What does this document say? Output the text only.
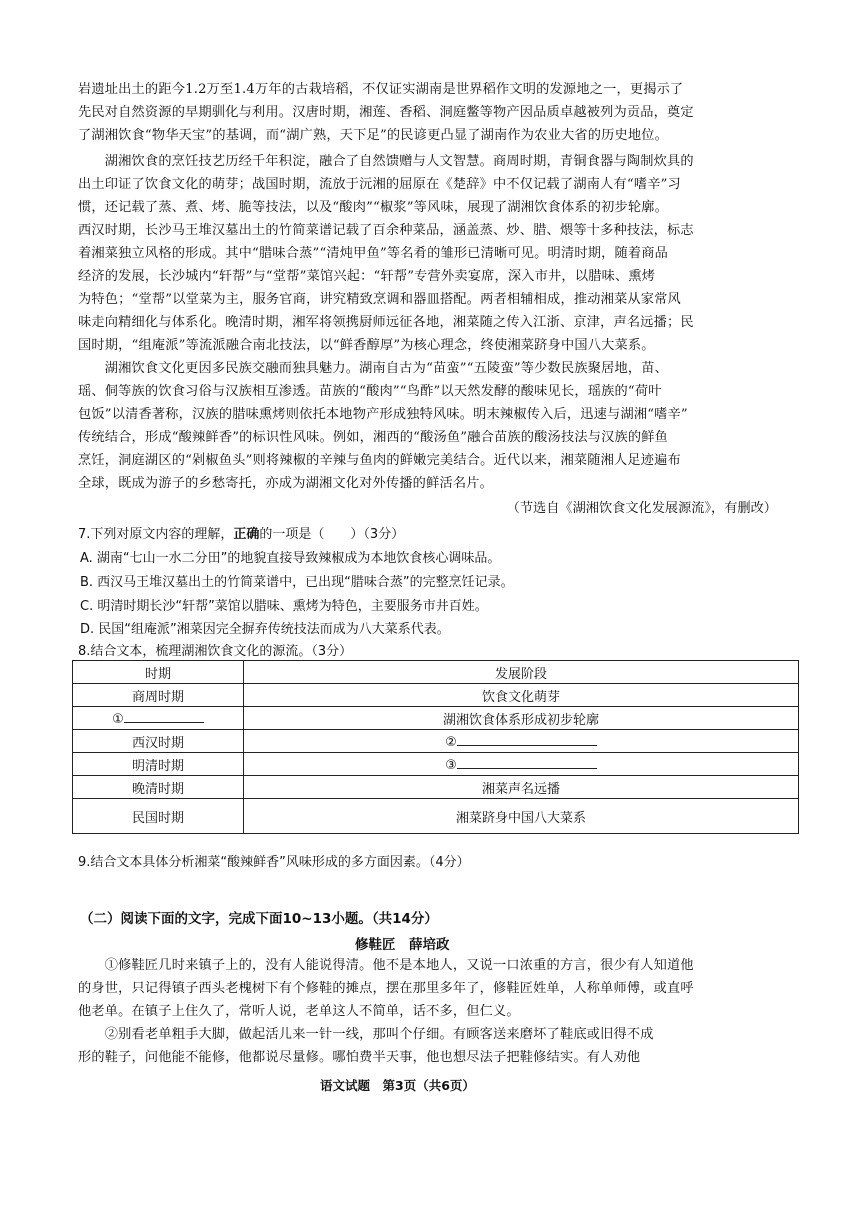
岩遗址出土的距今1.2万至1.4万年的古栽培稻，不仅证实湖南是世界稻作文明的发源地之一，更揭示了
先民对自然资源的早期驯化与利用。汉唐时期，湘莲、香稻、洞庭鳖等物产因品质卓越被列为贡品，奠定
了湖湘饮食“物华天宝”的基调，而“湖广熟，天下足”的民谚更凸显了湖南作为农业大省的历史地位。
　　湖湘饮食的烹饪技艺历经千年积淀，融合了自然馈赠与人文智慧。商周时期，青铜食器与陶制炊具的
出土印证了饮食文化的萌芽；战国时期，流放于沅湘的屈原在《楚辞》中不仅记载了湖南人有“嗜辛”习
惯，还记载了蒸、煮、烤、脆等技法，以及“酸肉”“椒浆”等风味，展现了湖湘饮食体系的初步轮廓。
西汉时期，长沙马王堆汉墓出土的竹简菜谱记载了百余种菜品，涵盖蒸、炒、腊、煨等十多种技法，标志
着湘菜独立风格的形成。其中“腊味合蒸”“清炖甲鱼”等名肴的雏形已清晰可见。明清时期，随着商品
经济的发展，长沙城内“轩帮”与“堂帮”菜馆兴起：“轩帮”专营外卖宴席，深入市井，以腊味、熏烤
为特色；“堂帮”以堂菜为主，服务官商，讲究精致烹调和器皿搭配。两者相辅相成，推动湘菜从家常风
味走向精细化与体系化。晚清时期，湘军将领携厨师远征各地，湘菜随之传入江浙、京津，声名远播；民
国时期，“组庵派”等流派融合南北技法，以“鲜香醇厚”为核心理念，终使湘菜跻身中国八大菜系。
　　湖湘饮食文化更因多民族交融而独具魅力。湖南自古为“苗蛮”“五陵蛮”等少数民族聚居地，苗、
瑶、侗等族的饮食习俗与汉族相互渗透。苗族的“酸肉”“鸟酢”以天然发酵的酸味见长，瑶族的“荷叶
包饭”以清香著称，汉族的腊味熏烤则依托本地物产形成独特风味。明末辣椒传入后，迅速与湖湘“嗜辛”
传统结合，形成“酸辣鲜香”的标识性风味。例如，湘西的“酸汤鱼”融合苗族的酸汤技法与汉族的鲜鱼
烹饪，洞庭湖区的“剁椒鱼头”则将辣椒的辛辣与鱼肉的鲜嫩完美结合。近代以来，湘菜随湘人足迹遍布
全球，既成为游子的乡愁寄托，亦成为湖湘文化对外传播的鲜活名片。
（节选自《湖湘饮食文化发展源流》，有删改）
7.下列对原文内容的理解，正确的一项是（　　）（3分）
A. 湖南“七山一水二分田”的地貌直接导致辣椒成为本地饮食核心调味品。
B. 西汉马王堆汉墓出土的竹简菜谱中，已出现“腊味合蒸”的完整烹饪记录。
C. 明清时期长沙“轩帮”菜馆以腊味、熏烤为特色，主要服务市井百姓。
D. 民国“组庵派”湘菜因完全摒弃传统技法而成为八大菜系代表。
8.结合文本，梳理湖湘饮食文化的源流。（3分）
时期	发展阶段
商周时期	饮食文化萌芽
①	湖湘饮食体系形成初步轮廓
西汉时期	②
明清时期	③
晚清时期	湘菜声名远播
民国时期	湘菜跻身中国八大菜系
9.结合文本具体分析湘菜“酸辣鲜香”风味形成的多方面因素。（4分）
（二）阅读下面的文字，完成下面10~13小题。（共14分）
修鞋匠　薛培政
　　①修鞋匠几时来镇子上的，没有人能说得清。他不是本地人，又说一口浓重的方言，很少有人知道他
的身世，只记得镇子西头老槐树下有个修鞋的摊点，摆在那里多年了，修鞋匠姓单，人称单师傅，或直呼
他老单。在镇子上住久了，常听人说，老单这人不简单，话不多，但仁义。
　　②别看老单粗手大脚，做起活儿来一针一线，那叫个仔细。有顾客送来磨坏了鞋底或旧得不成
形的鞋子，问他能不能修，他都说尽量修。哪怕费半天事，他也想尽法子把鞋修结实。有人劝他
语文试题　第3页（共6页）
